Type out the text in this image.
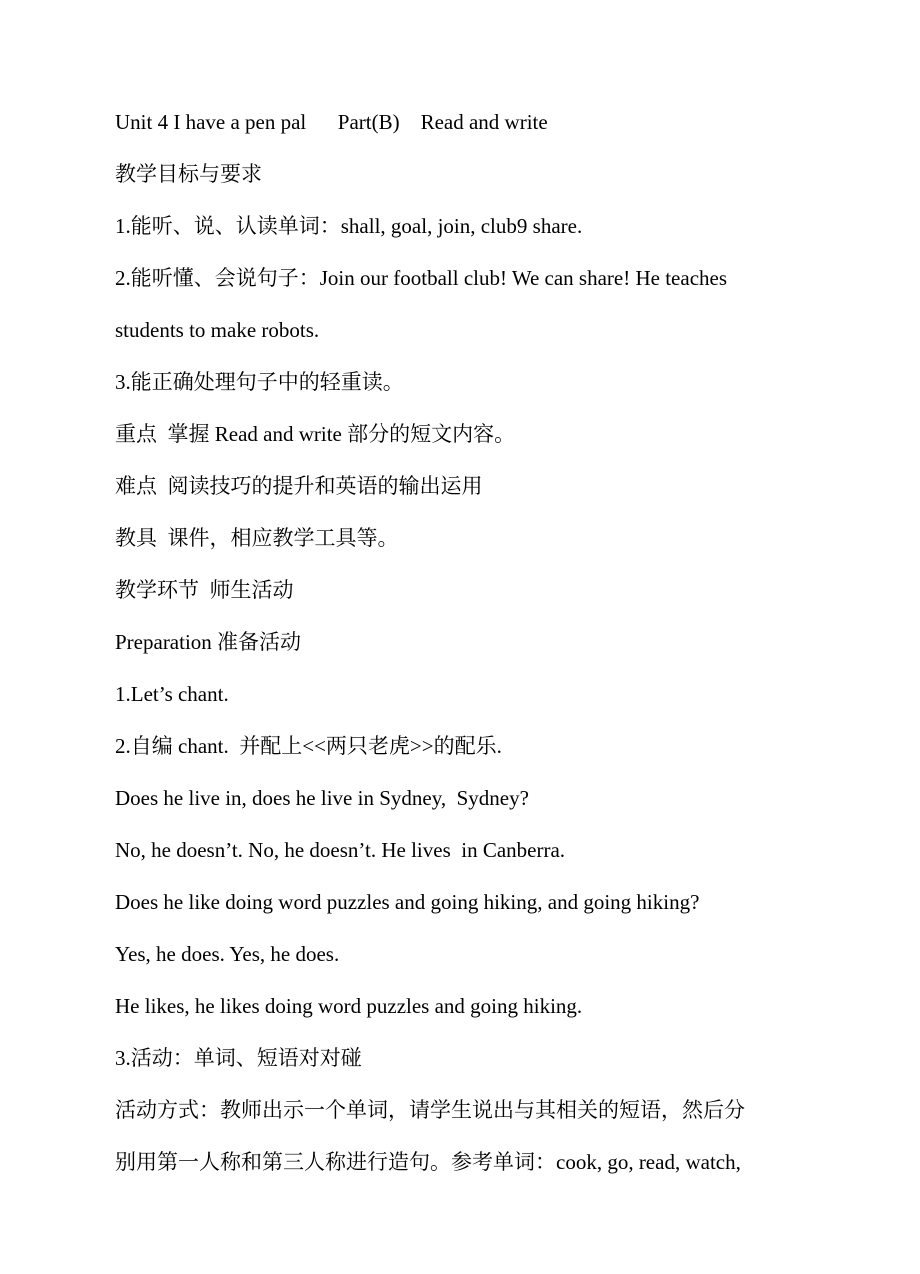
Unit 4 I have a pen pal      Part(B)    Read and write
教学目标与要求
1.能听、说、认读单词：shall, goal, join, club9 share.
2.能听懂、会说句子：Join our football club! We can share! He teaches
students to make robots.
3.能正确处理句子中的轻重读。
重点  掌握 Read and write 部分的短文内容。
难点  阅读技巧的提升和英语的输出运用
教具  课件，相应教学工具等。
教学环节  师生活动
Preparation 准备活动
1.Let’s chant.
2.自编 chant.  并配上<<两只老虎>>的配乐.
Does he live in, does he live in Sydney,  Sydney?
No, he doesn’t. No, he doesn’t. He lives  in Canberra.
Does he like doing word puzzles and going hiking, and going hiking?
Yes, he does. Yes, he does.
He likes, he likes doing word puzzles and going hiking.
3.活动：单词、短语对对碰
活动方式：教师出示一个单词，请学生说出与其相关的短语，然后分
别用第一人称和第三人称进行造句。参考单词：cook, go, read, watch,
